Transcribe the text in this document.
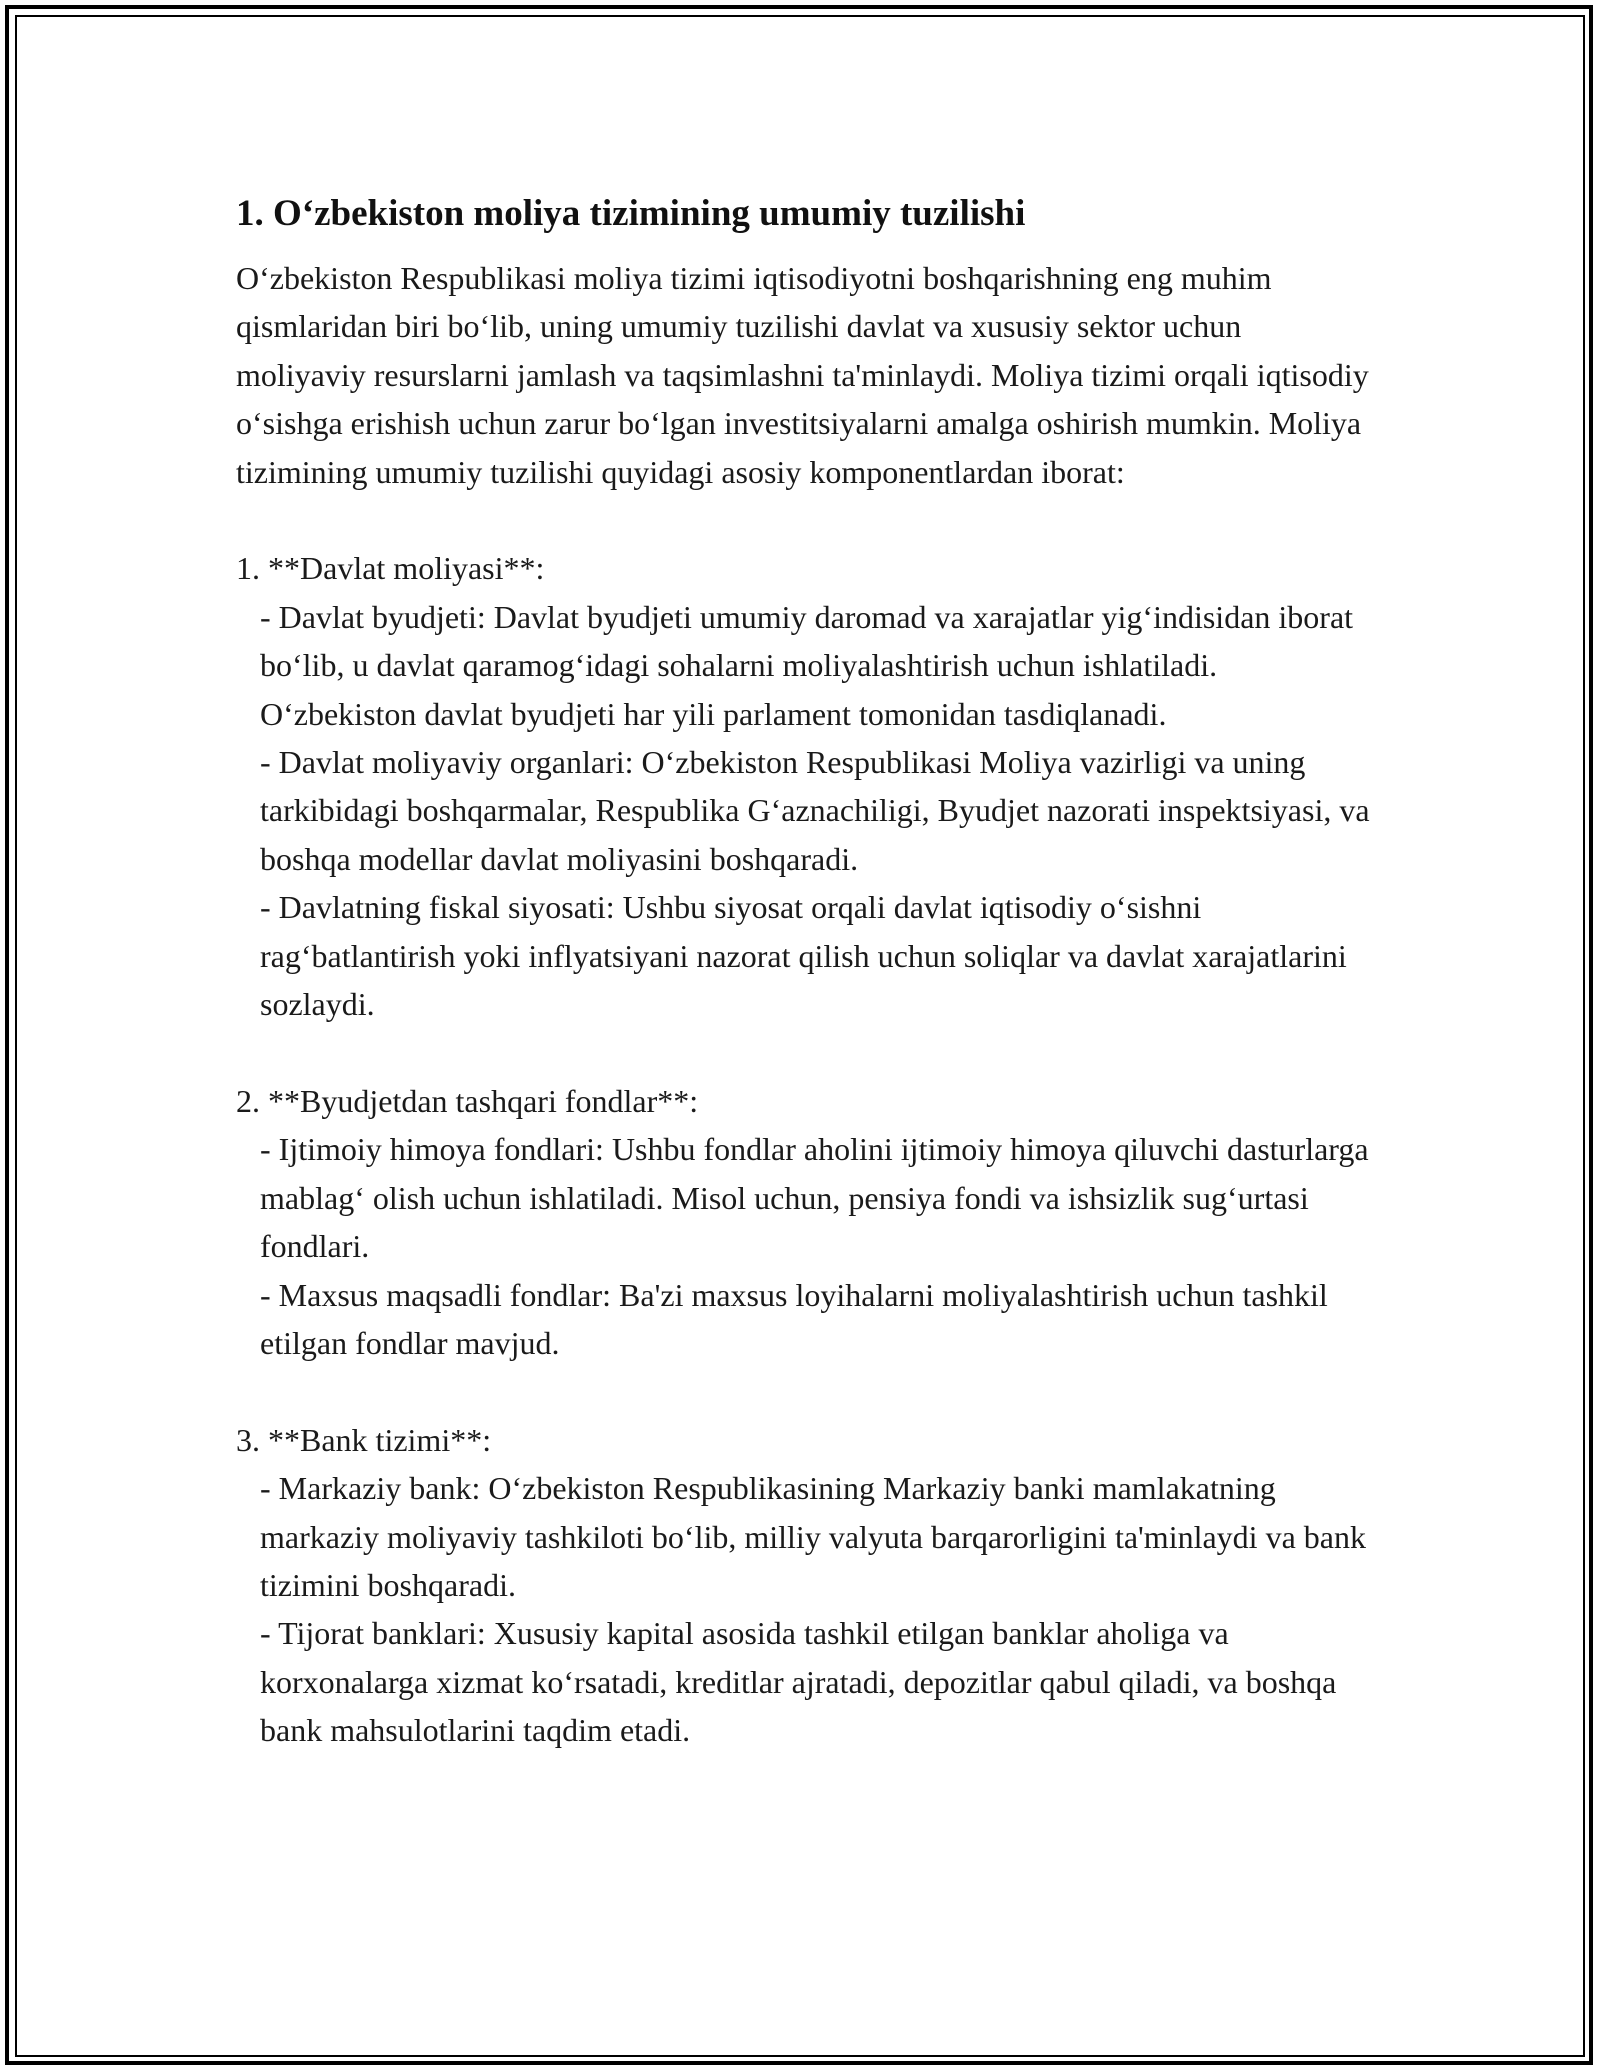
1. O‘zbekiston moliya tizimining umumiy tuzilishi

O‘zbekiston Respublikasi moliya tizimi iqtisodiyotni boshqarishning eng muhim qismlaridan biri bo‘lib, uning umumiy tuzilishi davlat va xususiy sektor uchun moliyaviy resurslarni jamlash va taqsimlashni ta'minlaydi. Moliya tizimi orqali iqtisodiy o‘sishga erishish uchun zarur bo‘lgan investitsiyalarni amalga oshirish mumkin. Moliya tizimining umumiy tuzilishi quyidagi asosiy komponentlardan iborat:

1. **Davlat moliyasi**:

- Davlat byudjeti: Davlat byudjeti umumiy daromad va xarajatlar yig‘indisidan iborat bo‘lib, u davlat qaramog‘idagi sohalarni moliyalashtirish uchun ishlatiladi. O‘zbekiston davlat byudjeti har yili parlament tomonidan tasdiqlanadi.

- Davlat moliyaviy organlari: O‘zbekiston Respublikasi Moliya vazirligi va uning tarkibidagi boshqarmalar, Respublika G‘aznachiligi, Byudjet nazorati inspektsiyasi, va boshqa modellar davlat moliyasini boshqaradi.

- Davlatning fiskal siyosati: Ushbu siyosat orqali davlat iqtisodiy o‘sishni rag‘batlantirish yoki inflyatsiyani nazorat qilish uchun soliqlar va davlat xarajatlarini sozlaydi.

2. **Byudjetdan tashqari fondlar**:

- Ijtimoiy himoya fondlari: Ushbu fondlar aholini ijtimoiy himoya qiluvchi dasturlarga mablag‘ olish uchun ishlatiladi. Misol uchun, pensiya fondi va ishsizlik sug‘urtasi fondlari.

- Maxsus maqsadli fondlar: Ba'zi maxsus loyihalarni moliyalashtirish uchun tashkil etilgan fondlar mavjud.

3. **Bank tizimi**:

- Markaziy bank: O‘zbekiston Respublikasining Markaziy banki mamlakatning markaziy moliyaviy tashkiloti bo‘lib, milliy valyuta barqarorligini ta'minlaydi va bank tizimini boshqaradi.

- Tijorat banklari: Xususiy kapital asosida tashkil etilgan banklar aholiga va korxonalarga xizmat ko‘rsatadi, kreditlar ajratadi, depozitlar qabul qiladi, va boshqa bank mahsulotlarini taqdim etadi.
